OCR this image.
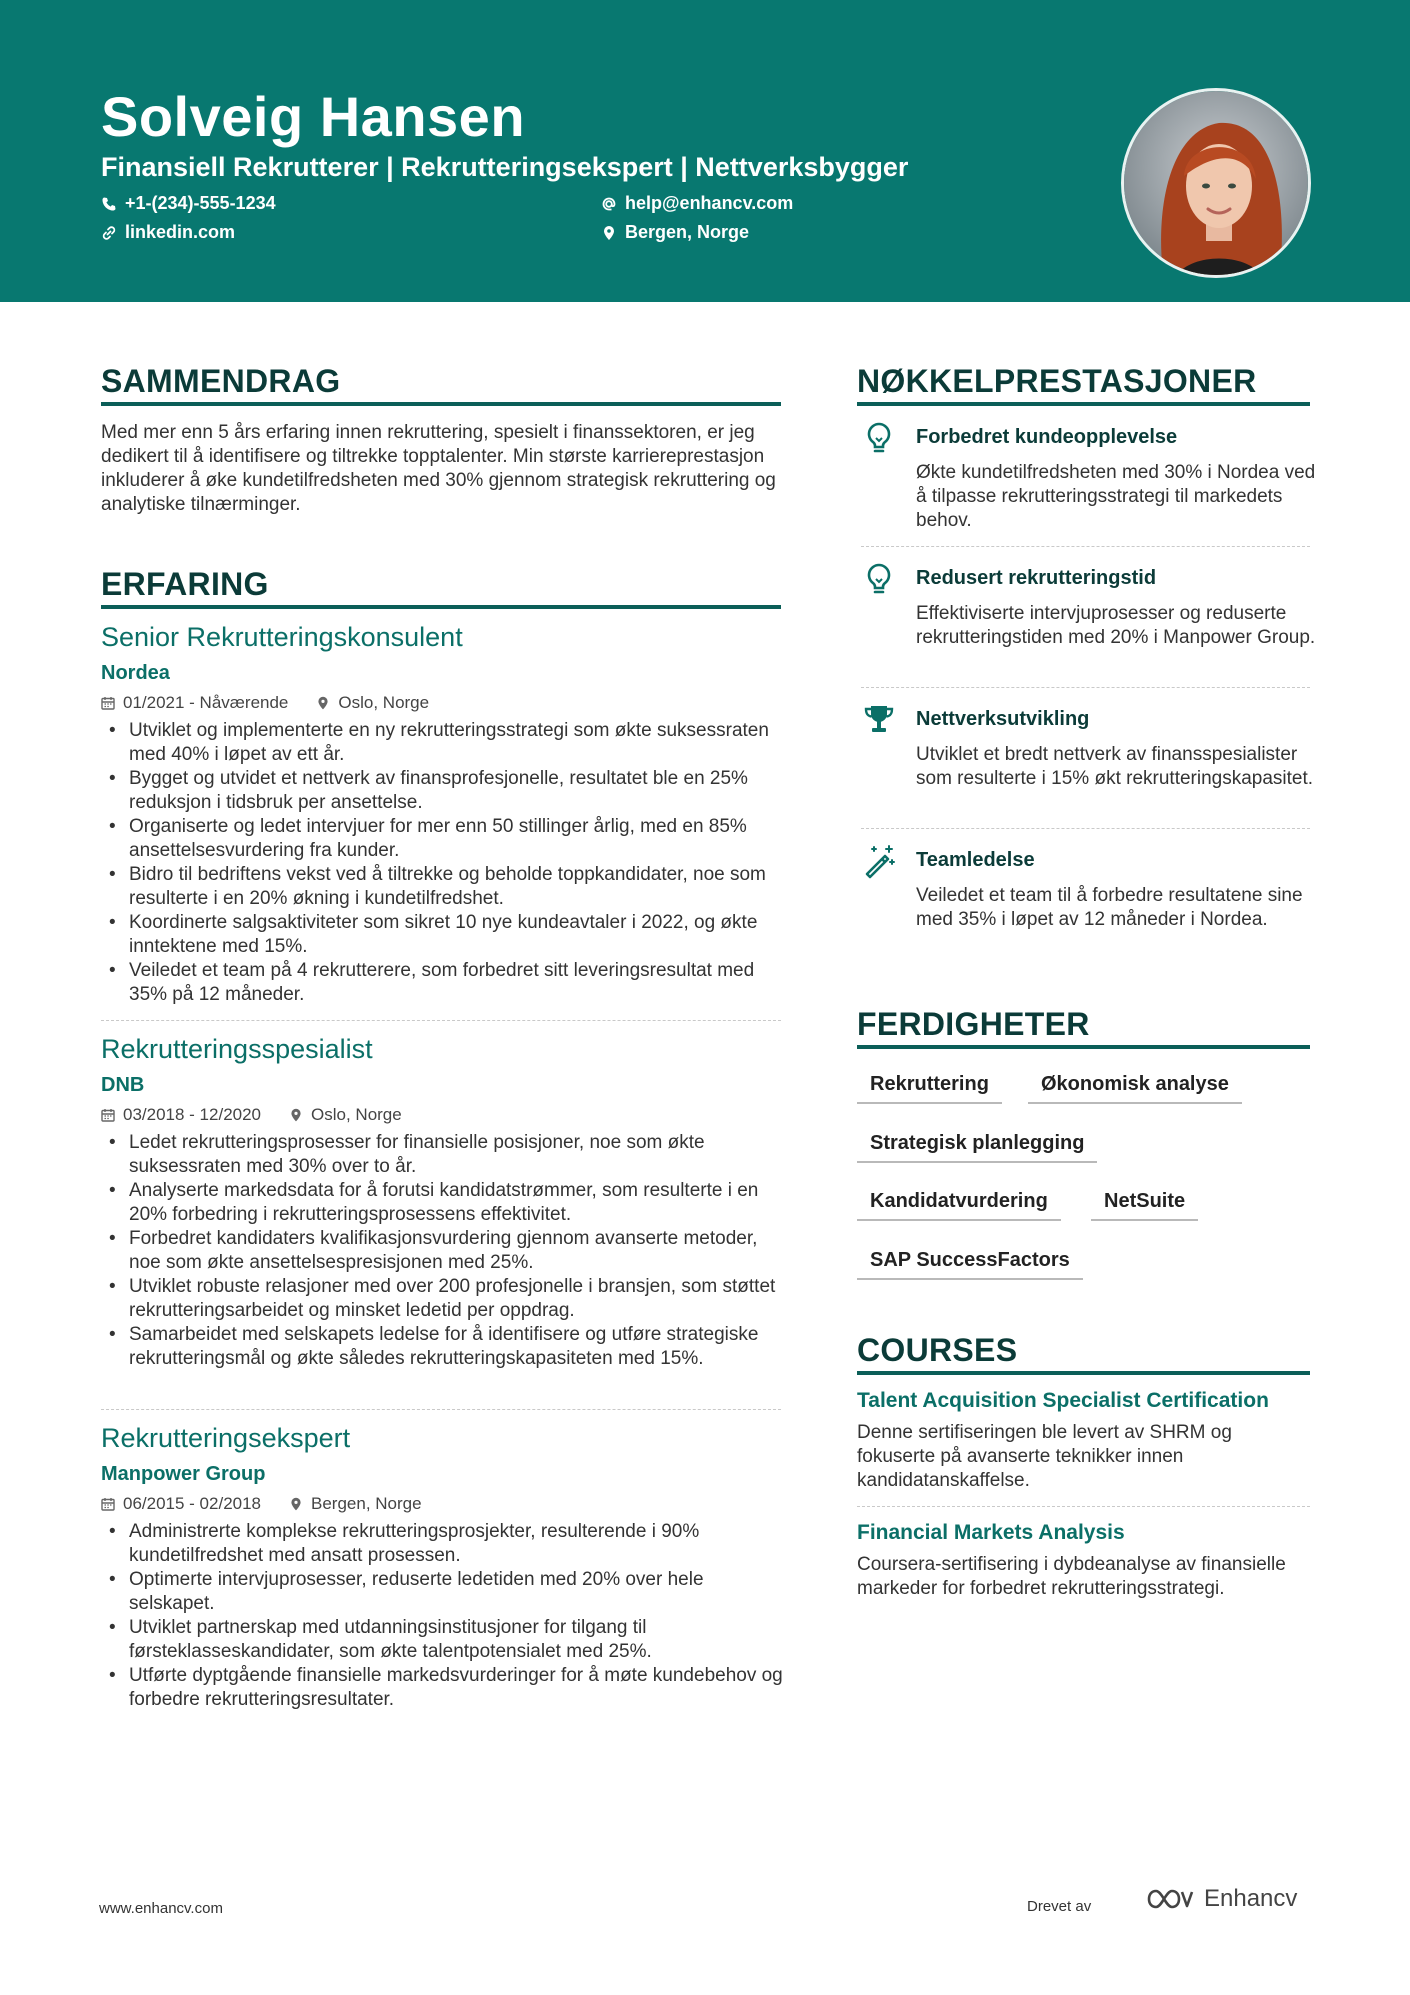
Solveig Hansen
Finansiell Rekrutterer | Rekrutteringsekspert | Nettverksbygger
+1-(234)-555-1234	help@enhancv.com
linkedin.com	Bergen, Norge
SAMMENDRAG
Med mer enn 5 års erfaring innen rekruttering, spesielt i finanssektoren, er jeg dedikert til å identifisere og tiltrekke topptalenter. Min største karriereprestasjon inkluderer å øke kundetilfredsheten med 30% gjennom strategisk rekruttering og analytiske tilnærminger.
ERFARING
Senior Rekrutteringskonsulent
Nordea
01/2021 - Nåværende	Oslo, Norge
• Utviklet og implementerte en ny rekrutteringsstrategi som økte suksessraten med 40% i løpet av ett år.
• Bygget og utvidet et nettverk av finansprofesjonelle, resultatet ble en 25% reduksjon i tidsbruk per ansettelse.
• Organiserte og ledet intervjuer for mer enn 50 stillinger årlig, med en 85% ansettelsesvurdering fra kunder.
• Bidro til bedriftens vekst ved å tiltrekke og beholde toppkandidater, noe som resulterte i en 20% økning i kundetilfredshet.
• Koordinerte salgsaktiviteter som sikret 10 nye kundeavtaler i 2022, og økte inntektene med 15%.
• Veiledet et team på 4 rekrutterere, som forbedret sitt leveringsresultat med 35% på 12 måneder.
Rekrutteringsspesialist
DNB
03/2018 - 12/2020	Oslo, Norge
• Ledet rekrutteringsprosesser for finansielle posisjoner, noe som økte suksessraten med 30% over to år.
• Analyserte markedsdata for å forutsi kandidatstrømmer, som resulterte i en 20% forbedring i rekrutteringsprosessens effektivitet.
• Forbedret kandidaters kvalifikasjonsvurdering gjennom avanserte metoder, noe som økte ansettelsespresisjonen med 25%.
• Utviklet robuste relasjoner med over 200 profesjonelle i bransjen, som støttet rekrutteringsarbeidet og minsket ledetid per oppdrag.
• Samarbeidet med selskapets ledelse for å identifisere og utføre strategiske rekrutteringsmål og økte således rekrutteringskapasiteten med 15%.
Rekrutteringsekspert
Manpower Group
06/2015 - 02/2018	Bergen, Norge
• Administrerte komplekse rekrutteringsprosjekter, resulterende i 90% kundetilfredshet med ansatt prosessen.
• Optimerte intervjuprosesser, reduserte ledetiden med 20% over hele selskapet.
• Utviklet partnerskap med utdanningsinstitusjoner for tilgang til førsteklasseskandidater, som økte talentpotensialet med 25%.
• Utførte dyptgående finansielle markedsvurderinger for å møte kundebehov og forbedre rekrutteringsresultater.
NØKKELPRESTASJONER
Forbedret kundeopplevelse
Økte kundetilfredsheten med 30% i Nordea ved å tilpasse rekrutteringsstrategi til markedets behov.
Redusert rekrutteringstid
Effektiviserte intervjuprosesser og reduserte rekrutteringstiden med 20% i Manpower Group.
Nettverksutvikling
Utviklet et bredt nettverk av finansspesialister som resulterte i 15% økt rekrutteringskapasitet.
Teamledelse
Veiledet et team til å forbedre resultatene sine med 35% i løpet av 12 måneder i Nordea.
FERDIGHETER
Rekruttering	Økonomisk analyse
Strategisk planlegging
Kandidatvurdering	NetSuite
SAP SuccessFactors
COURSES
Talent Acquisition Specialist Certification
Denne sertifiseringen ble levert av SHRM og fokuserte på avanserte teknikker innen kandidatanskaffelse.
Financial Markets Analysis
Coursera-sertifisering i dybdeanalyse av finansielle markeder for forbedret rekrutteringsstrategi.
www.enhancv.com	Drevet av	Enhancv
